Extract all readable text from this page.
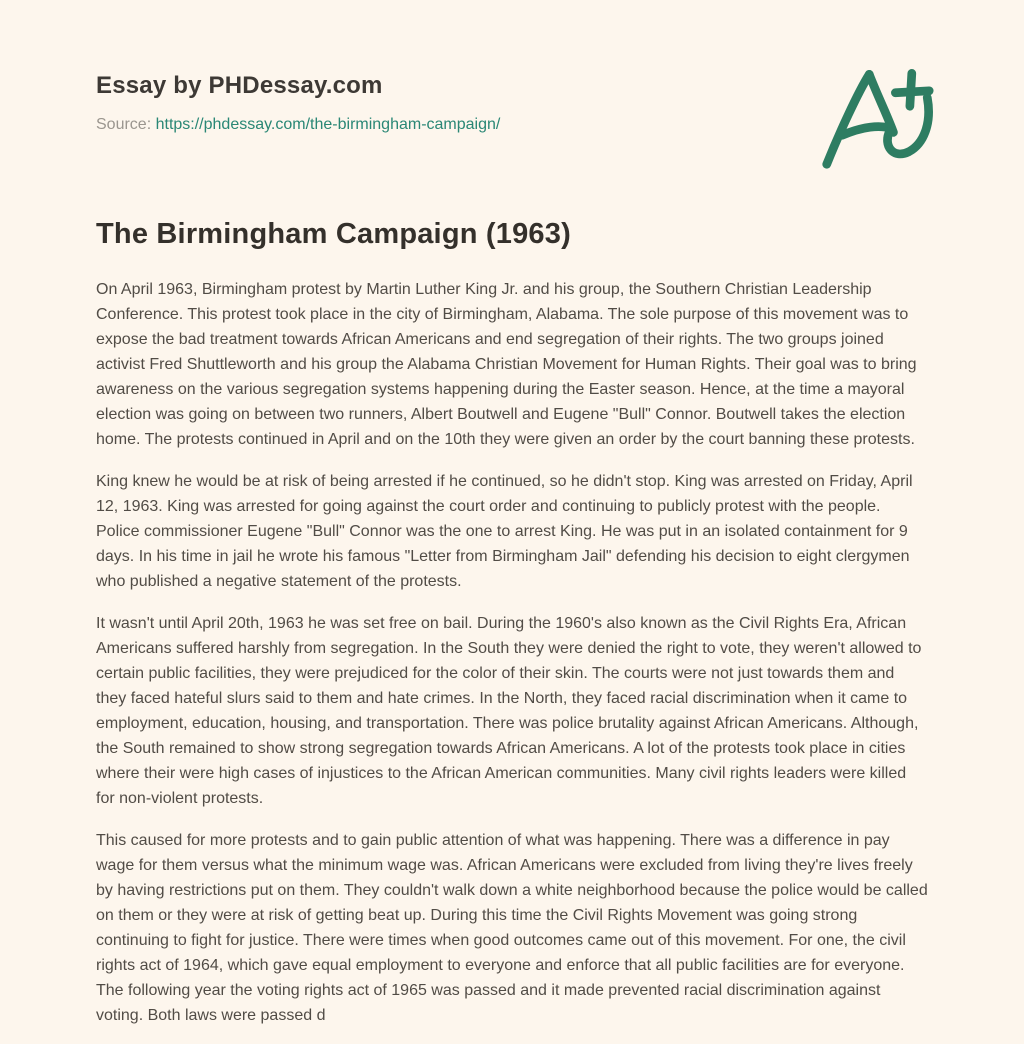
Essay by PHDessay.com

Source: https://phdessay.com/the-birmingham-campaign/

The Birmingham Campaign (1963)

On April 1963, Birmingham protest by Martin Luther King Jr. and his group, the Southern Christian Leadership Conference. This protest took place in the city of Birmingham, Alabama. The sole purpose of this movement was to expose the bad treatment towards African Americans and end segregation of their rights. The two groups joined activist Fred Shuttleworth and his group the Alabama Christian Movement for Human Rights. Their goal was to bring awareness on the various segregation systems happening during the Easter season. Hence, at the time a mayoral election was going on between two runners, Albert Boutwell and Eugene "Bull" Connor. Boutwell takes the election home. The protests continued in April and on the 10th they were given an order by the court banning these protests.

King knew he would be at risk of being arrested if he continued, so he didn't stop. King was arrested on Friday, April 12, 1963. King was arrested for going against the court order and continuing to publicly protest with the people. Police commissioner Eugene "Bull" Connor was the one to arrest King. He was put in an isolated containment for 9 days. In his time in jail he wrote his famous "Letter from Birmingham Jail" defending his decision to eight clergymen who published a negative statement of the protests.

It wasn't until April 20th, 1963 he was set free on bail. During the 1960's also known as the Civil Rights Era, African Americans suffered harshly from segregation. In the South they were denied the right to vote, they weren't allowed to certain public facilities, they were prejudiced for the color of their skin. The courts were not just towards them and they faced hateful slurs said to them and hate crimes. In the North, they faced racial discrimination when it came to employment, education, housing, and transportation. There was police brutality against African Americans. Although, the South remained to show strong segregation towards African Americans. A lot of the protests took place in cities where their were high cases of injustices to the African American communities. Many civil rights leaders were killed for non-violent protests.

This caused for more protests and to gain public attention of what was happening. There was a difference in pay wage for them versus what the minimum wage was. African Americans were excluded from living they're lives freely by having restrictions put on them. They couldn't walk down a white neighborhood because the police would be called on them or they were at risk of getting beat up. During this time the Civil Rights Movement was going strong continuing to fight for justice. There were times when good outcomes came out of this movement. For one, the civil rights act of 1964, which gave equal employment to everyone and enforce that all public facilities are for everyone. The following year the voting rights act of 1965 was passed and it made prevented racial discrimination against voting. Both laws were passed d
